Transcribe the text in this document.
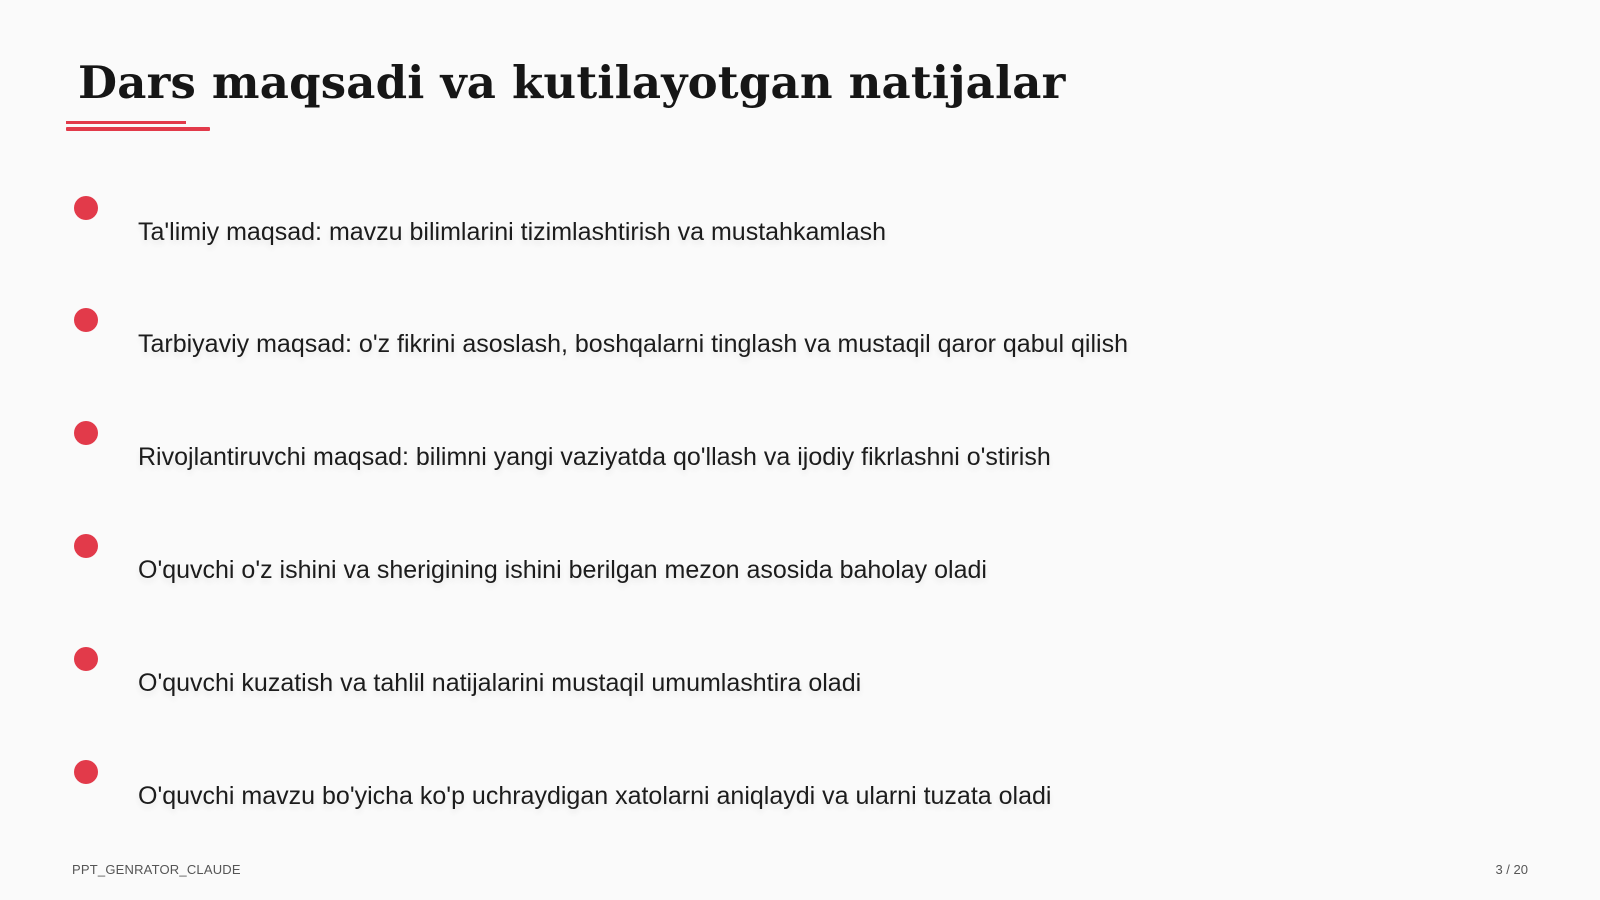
Dars maqsadi va kutilayotgan natijalar
Ta'limiy maqsad: mavzu bilimlarini tizimlashtirish va mustahkamlash
Tarbiyaviy maqsad: o'z fikrini asoslash, boshqalarni tinglash va mustaqil qaror qabul qilish
Rivojlantiruvchi maqsad: bilimni yangi vaziyatda qo'llash va ijodiy fikrlashni o'stirish
O'quvchi o'z ishini va sherigining ishini berilgan mezon asosida baholay oladi
O'quvchi kuzatish va tahlil natijalarini mustaqil umumlashtira oladi
O'quvchi mavzu bo'yicha ko'p uchraydigan xatolarni aniqlaydi va ularni tuzata oladi
PPT_GENRATOR_CLAUDE	3 / 20
